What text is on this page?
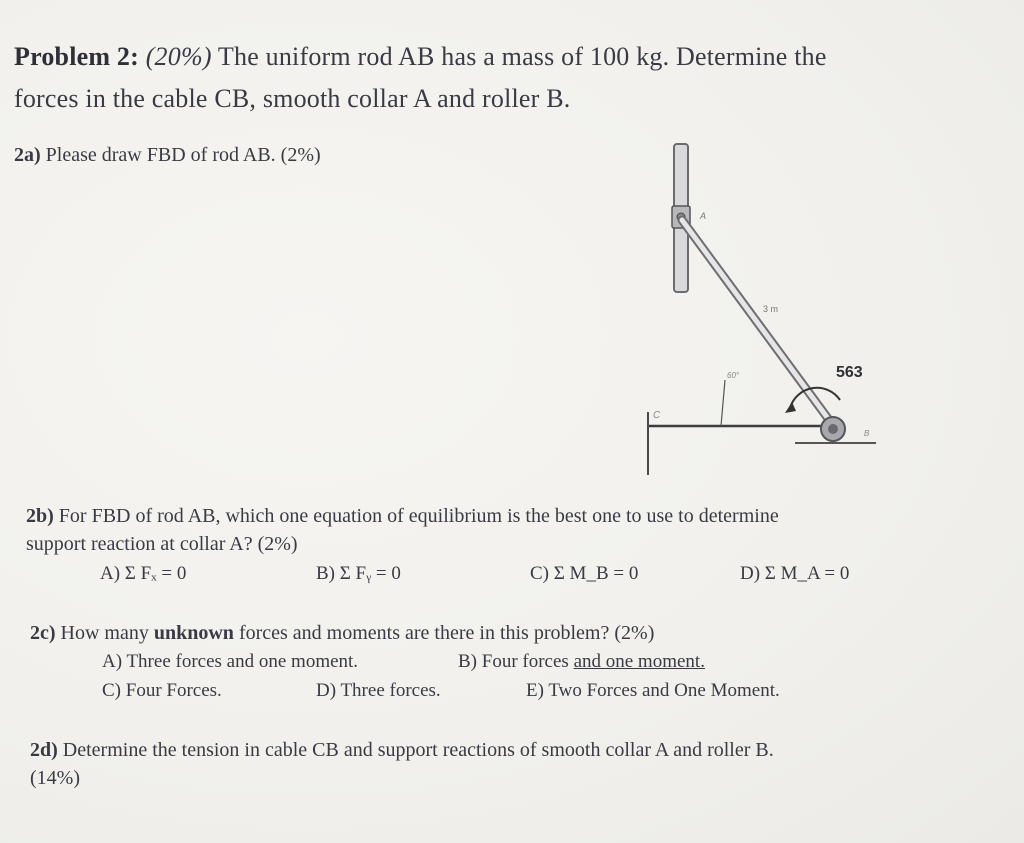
Problem 2: (20%) The uniform rod AB has a mass of 100 kg. Determine the
forces in the cable CB, smooth collar A and roller B.
2a) Please draw FBD of rod AB. (2%)
A
3 m
60°
C
B
563
2b) For FBD of rod AB, which one equation of equilibrium is the best one to use to determine
support reaction at collar A? (2%)
A) Σ Fₓ = 0	B) Σ Fᵧ = 0	C) Σ M_B = 0	D) Σ M_A = 0
2c) How many unknown forces and moments are there in this problem? (2%)
A) Three forces and one moment.	B) Four forces and one moment.
C) Four Forces.	D) Three forces.	E) Two Forces and One Moment.
2d) Determine the tension in cable CB and support reactions of smooth collar A and roller B.
(14%)
